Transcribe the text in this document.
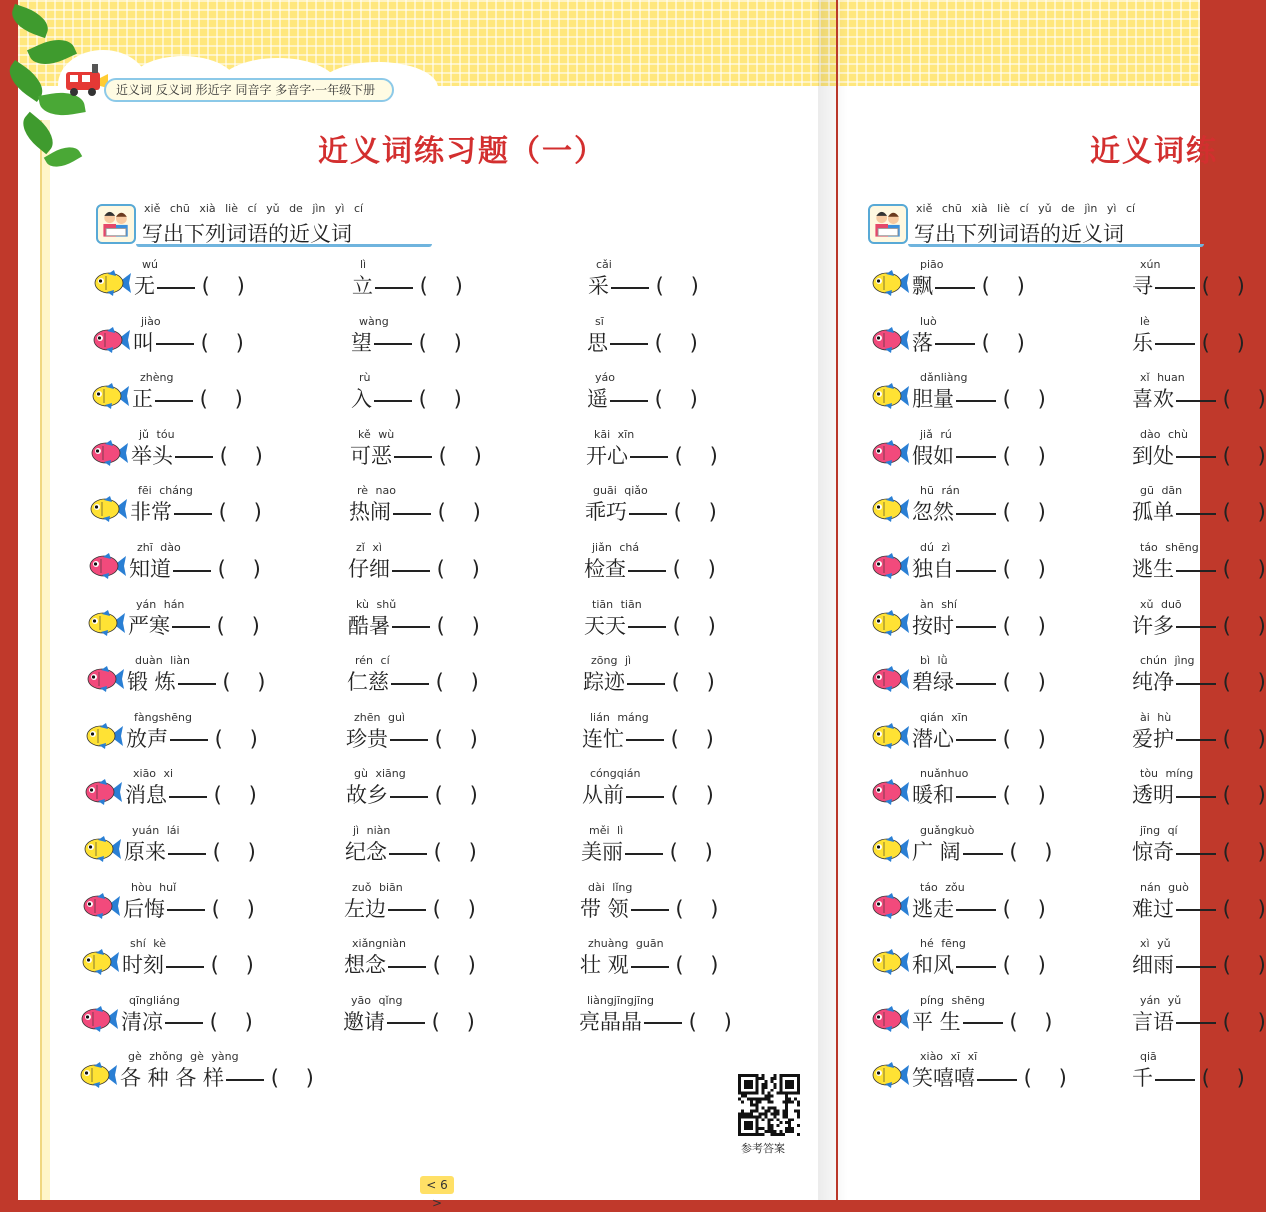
近义词 反义词 形近字 同音字 多音字·一年级下册
近义词练习题（一）
xiě chū xià liè cí yǔ de jìn yì cí
写出下列词语的近义词
近义词练
xiě chū xià liè cí yǔ de jìn yì cí
写出下列词语的近义词
wú
无 (    )
jiào
叫 (    )
zhèng
正 (    )
jǔ tóu
举头 (    )
fēi cháng
非常 (    )
zhī dào
知道 (    )
yán hán
严寒 (    )
duàn liàn
锻 炼 (    )
fàngshēng
放声 (    )
xiāo xi
消息 (    )
yuán lái
原来 (    )
hòu huǐ
后悔 (    )
shí kè
时刻 (    )
qīngliáng
清凉 (    )
gè zhǒng gè yàng
各 种 各 样 (    )
lì
立 (    )
wàng
望 (    )
rù
入 (    )
kě wù
可恶 (    )
rè nao
热闹 (    )
zǐ xì
仔细 (    )
kù shǔ
酷暑 (    )
rén cí
仁慈 (    )
zhēn guì
珍贵 (    )
gù xiāng
故乡 (    )
jì niàn
纪念 (    )
zuǒ biān
左边 (    )
xiǎngniàn
想念 (    )
yāo qǐng
邀请 (    )
cǎi
采 (    )
sī
思 (    )
yáo
遥 (    )
kāi xīn
开心 (    )
guāi qiǎo
乖巧 (    )
jiǎn chá
检查 (    )
tiān tiān
天天 (    )
zōng jì
踪迹 (    )
lián máng
连忙 (    )
cóngqián
从前 (    )
měi lì
美丽 (    )
dài lǐng
带 领 (    )
zhuàng guān
壮 观 (    )
liàngjīngjīng
亮晶晶 (    )
piāo
飘 (    )
luò
落 (    )
dǎnliàng
胆量 (    )
jiǎ rú
假如 (    )
hū rán
忽然 (    )
dú zì
独自 (    )
àn shí
按时 (    )
bì lǜ
碧绿 (    )
qián xīn
潜心 (    )
nuǎnhuo
暖和 (    )
guǎngkuò
广 阔 (    )
táo zǒu
逃走 (    )
hé fēng
和风 (    )
píng shēng
平 生 (    )
xiào xī xī
笑嘻嘻 (    )
xún
寻 (    )
lè
乐 (    )
xǐ huan
喜欢 (    )
dào chù
到处 (    )
gū dān
孤单 (    )
táo shēng
逃生 (    )
xǔ duō
许多 (    )
chún jìng
纯净 (    )
ài hù
爱护 (    )
tòu míng
透明 (    )
jīng qí
惊奇 (    )
nán guò
难过 (    )
xì yǔ
细雨 (    )
yán yǔ
言语 (    )
qiā
千 (    )
参考答案
< 6 >
